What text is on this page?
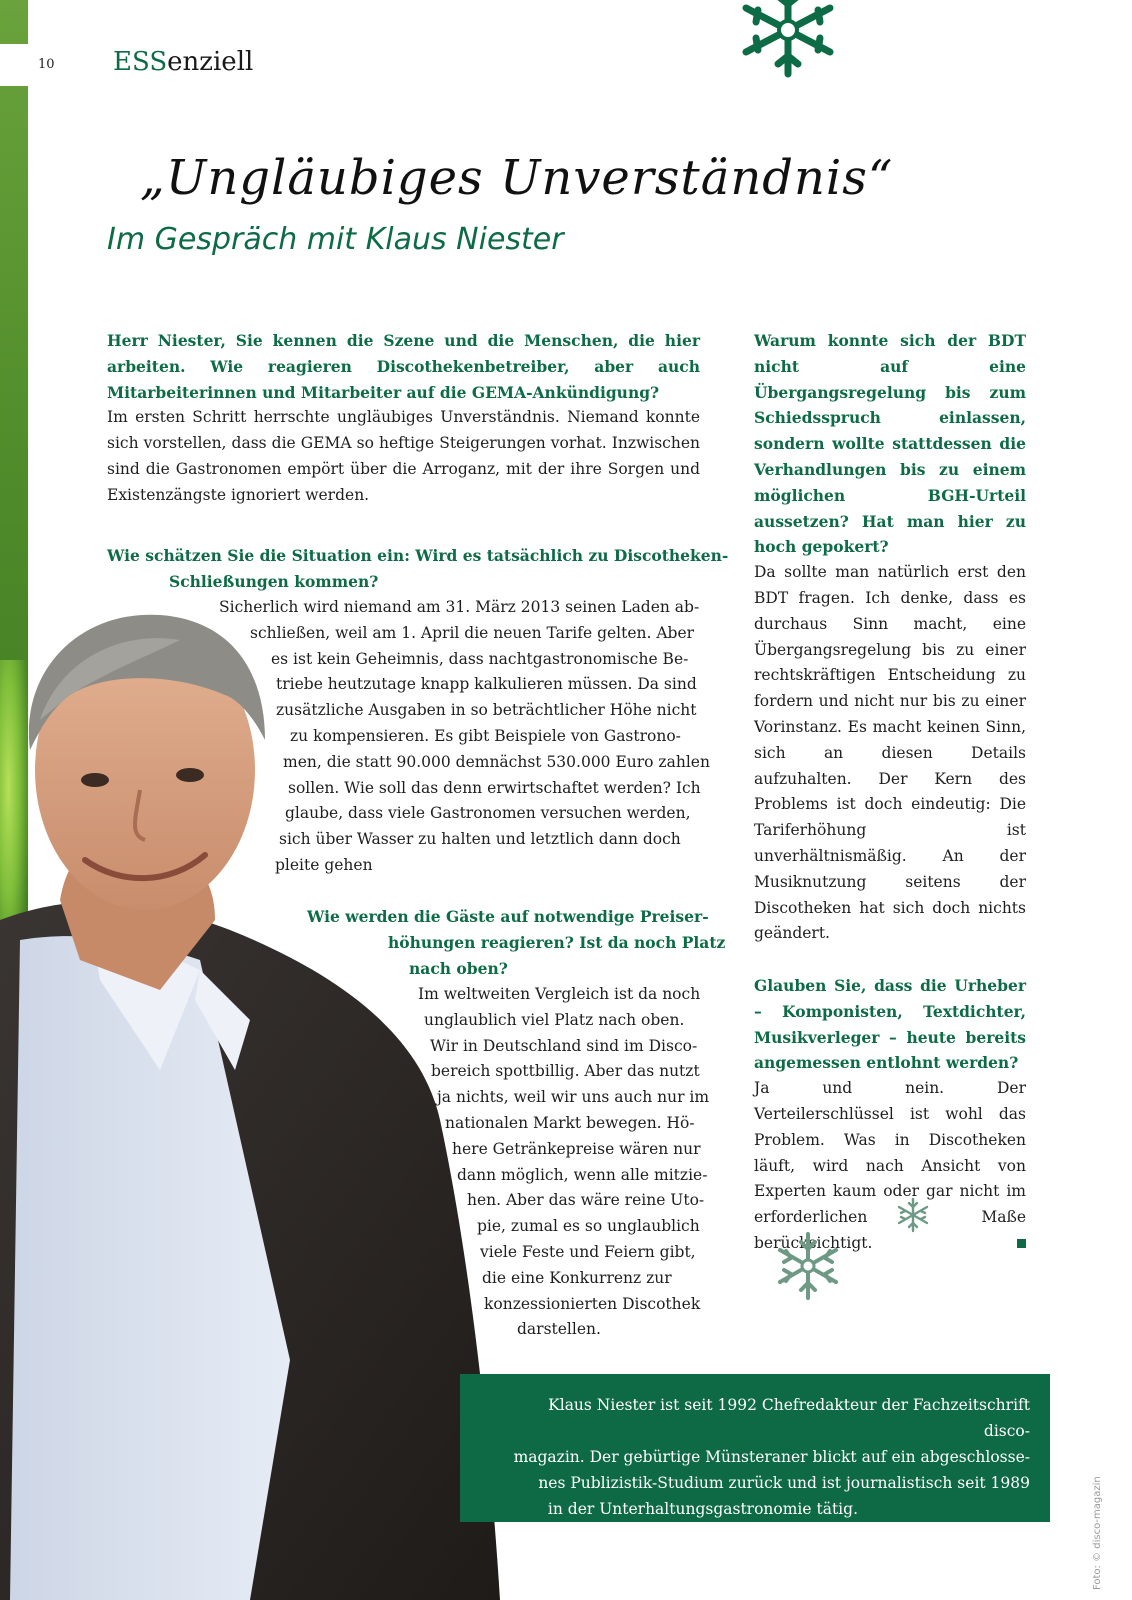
10 ESSenziell
„Ungläubiges Unverständnis“
Im Gespräch mit Klaus Niester

Herr Niester, Sie kennen die Szene und die Menschen, die hier arbeiten. Wie reagieren Discothekenbetreiber, aber auch Mitarbeiterinnen und Mitarbeiter auf die GEMA-Ankündigung?

Im ersten Schritt herrschte ungläubiges Unverständnis. Niemand konnte sich vorstellen, dass die GEMA so heftige Steigerungen vorhat. Inzwischen sind die Gastronomen empört über die Arroganz, mit der ihre Sorgen und Existenzängste ignoriert werden.

Wie schätzen Sie die Situation ein: Wird es tatsächlich zu Discotheken-
Schließungen kommen?
Sicherlich wird niemand am 31. März 2013 seinen Laden ab-
schließen, weil am 1. April die neuen Tarife gelten. Aber
es ist kein Geheimnis, dass nachtgastronomische Be-
triebe heutzutage knapp kalkulieren müssen. Da sind
zusätzliche Ausgaben in so beträchtlicher Höhe nicht
zu kompensieren. Es gibt Beispiele von Gastrono-
men, die statt 90.000 demnächst 530.000 Euro zahlen
sollen. Wie soll das denn erwirtschaftet werden? Ich
glaube, dass viele Gastronomen versuchen werden,
sich über Wasser zu halten und letztlich dann doch
pleite gehen
Wie werden die Gäste auf notwendige Preiser-
höhungen reagieren? Ist da noch Platz
nach oben?
Im weltweiten Vergleich ist da noch
unglaublich viel Platz nach oben.
Wir in Deutschland sind im Disco-
bereich spottbillig. Aber das nutzt
ja nichts, weil wir uns auch nur im
nationalen Markt bewegen. Hö-
here Getränkepreise wären nur
dann möglich, wenn alle mitzie-
hen. Aber das wäre reine Uto-
pie, zumal es so unglaublich
viele Feste und Feiern gibt,
die eine Konkurrenz zur
konzessionierten Discothek
darstellen.

Warum konnte sich der BDT nicht auf eine Übergangsregelung bis zum Schiedsspruch einlassen, sondern wollte stattdessen die Verhandlungen bis zu einem möglichen BGH-Urteil aussetzen? Hat man hier zu hoch gepokert?

Da sollte man natürlich erst den BDT fragen. Ich denke, dass es durchaus Sinn macht, eine Übergangsregelung bis zu einer rechtskräftigen Entscheidung zu fordern und nicht nur bis zu einer Vorinstanz. Es macht keinen Sinn, sich an diesen Details aufzuhalten. Der Kern des Problems ist doch eindeutig: Die Tariferhöhung ist unverhältnismäßig. An der Musiknutzung seitens der Discotheken hat sich doch nichts geändert.

Glauben Sie, dass die Urheber – Komponisten, Textdichter, Musikverleger – heute bereits angemessen entlohnt werden?

Ja und nein. Der Verteilerschlüssel ist wohl das Problem. Was in Discotheken läuft, wird nach Ansicht von Experten kaum oder gar nicht im erforderlichen Maße berücksichtigt.

Klaus Niester ist seit 1992 Chefredakteur der Fachzeitschrift disco-
magazin. Der gebürtige Münsteraner blickt auf ein abgeschlosse-
nes Publizistik-Studium zurück und ist journalistisch seit 1989
in der Unterhaltungsgastronomie tätig.	Foto: © disco-magazin
